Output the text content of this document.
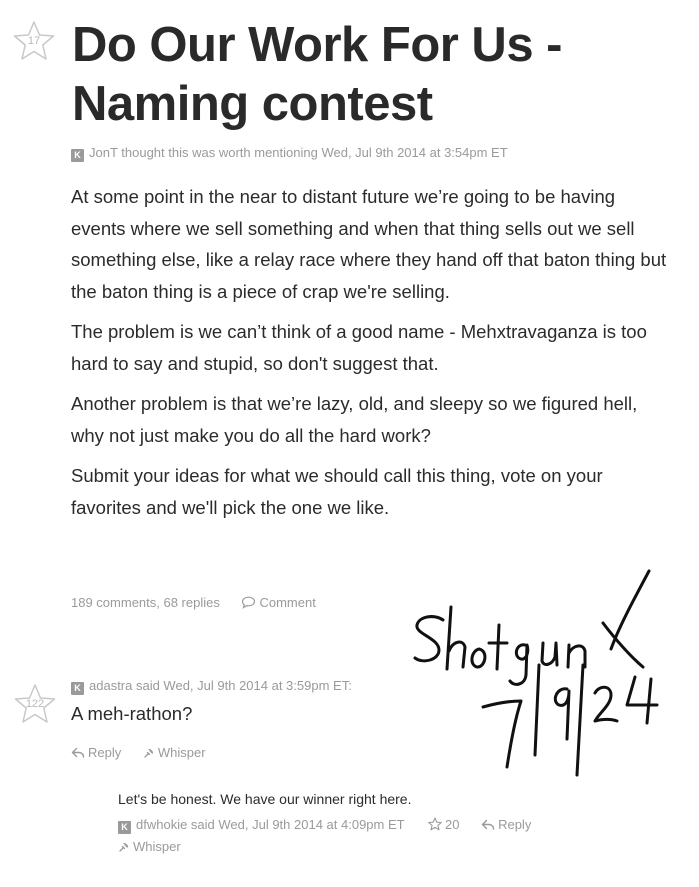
17 Do Our Work For Us - Naming contest
K JonT thought this was worth mentioning Wed, Jul 9th 2014 at 3:54pm ET

At some point in the near to distant future we’re going to be having events where we sell something and when that thing sells out we sell something else, like a relay race where they hand off that baton thing but the baton thing is a piece of crap we're selling.

The problem is we can’t think of a good name - Mehxtravaganza is too hard to say and stupid, so don't suggest that.

Another problem is that we’re lazy, old, and sleepy so we figured hell, why not just make you do all the hard work?

Submit your ideas for what we should call this thing, vote on your favorites and we'll pick the one we like.

189 comments, 68 replies	Comment
122
K adastra said Wed, Jul 9th 2014 at 3:59pm ET:
A meh-rathon?
Reply	Whisper
Let's be honest. We have our winner right here.
K dfwhokie said Wed, Jul 9th 2014 at 4:09pm ET	20	Reply
Whisper
